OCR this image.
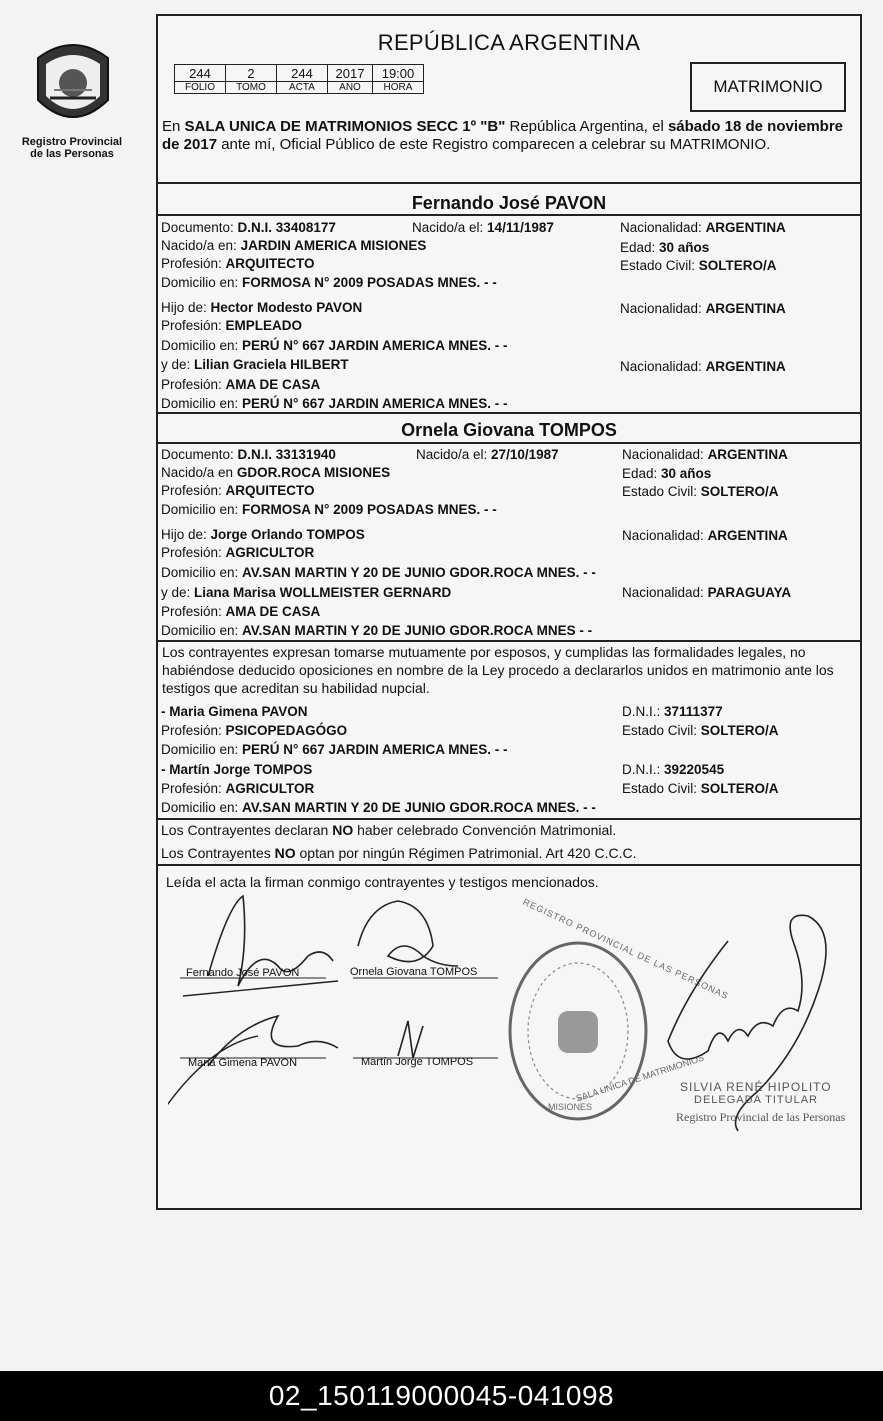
Registro Provincial
de las Personas
REPÚBLICA ARGENTINA
244	2	244	2017	19:00
FOLIO	TOMO	ACTA	AÑO	HORA	MATRIMONIO
En SALA UNICA DE MATRIMONIOS SECC 1º "B" República Argentina, el sábado 18 de noviembre de 2017 ante mí, Oficial Público de este Registro comparecen a celebrar su MATRIMONIO.
Fernando José PAVON
Documento: D.N.I. 33408177	Nacido/a el: 14/11/1987	Nacionalidad: ARGENTINA
Nacido/a en: JARDIN AMERICA MISIONES	Edad: 30 años
Profesión: ARQUITECTO	Estado Civil: SOLTERO/A
Domicilio en: FORMOSA N° 2009 POSADAS MNES. - -
Hijo de: Hector Modesto PAVON	Nacionalidad: ARGENTINA
Profesión: EMPLEADO
Domicilio en: PERÚ N° 667 JARDIN AMERICA MNES. - -
y de: Lilian Graciela HILBERT	Nacionalidad: ARGENTINA
Profesión: AMA DE CASA
Domicilio en: PERÚ N° 667 JARDIN AMERICA MNES. - -
Ornela Giovana TOMPOS
Documento: D.N.I. 33131940	Nacido/a el: 27/10/1987	Nacionalidad: ARGENTINA
Nacido/a en GDOR.ROCA MISIONES	Edad: 30 años
Profesión: ARQUITECTO	Estado Civil: SOLTERO/A
Domicilio en: FORMOSA N° 2009 POSADAS MNES. - -
Hijo de: Jorge Orlando TOMPOS	Nacionalidad: ARGENTINA
Profesión: AGRICULTOR
Domicilio en: AV.SAN MARTIN Y 20 DE JUNIO GDOR.ROCA MNES. - -
y de: Liana Marisa WOLLMEISTER GERNARD	Nacionalidad: PARAGUAYA
Profesión: AMA DE CASA
Domicilio en: AV.SAN MARTIN Y 20 DE JUNIO GDOR.ROCA MNES - -
Los contrayentes expresan tomarse mutuamente por esposos, y cumplidas las formalidades legales, no habiéndose deducido oposiciones en nombre de la Ley procedo a declararlos unidos en matrimonio ante los testigos que acreditan su habilidad nupcial.
- Maria Gimena PAVON	D.N.I.: 37111377
Profesión: PSICOPEDAGÓGO	Estado Civil: SOLTERO/A
Domicilio en: PERÚ N° 667 JARDIN AMERICA MNES. - -
- Martín Jorge TOMPOS	D.N.I.: 39220545
Profesión: AGRICULTOR	Estado Civil: SOLTERO/A
Domicilio en: AV.SAN MARTIN Y 20 DE JUNIO GDOR.ROCA MNES. - -
Los Contrayentes declaran NO haber celebrado Convención Matrimonial.
Los Contrayentes NO optan por ningún Régimen Patrimonial. Art 420 C.C.C.
Leída el acta la firman conmigo contrayentes y testigos mencionados.
Fernando José PAVON	Ornela Giovana TOMPOS
Maria Gimena PAVON	Martín Jorge TOMPOS	SALA UNICA DE MATRIMONIOS
REGISTRO PROVINCIAL DE LAS PERSONAS
MISIONES
SILVIA RENÉ HIPOLITO
DELEGADA TITULAR
Registro Provincial de las Personas
02_150119000045-041098
